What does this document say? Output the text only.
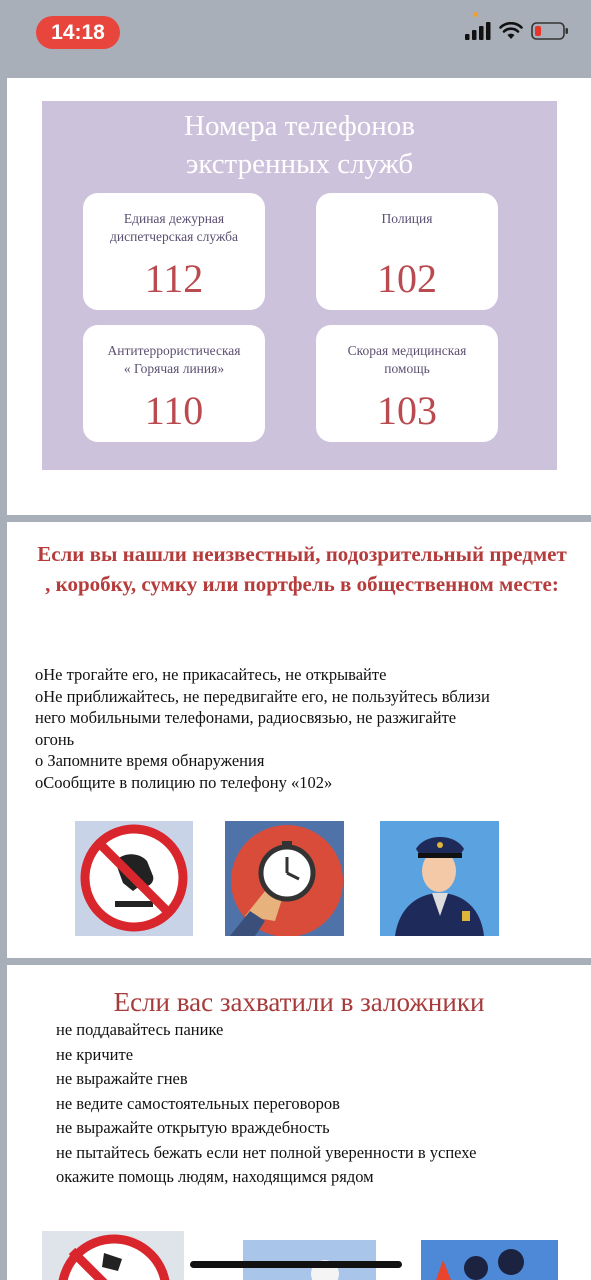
14:18
Номера телефонов
экстренных служб
Единая дежурная
диспетчерская служба
112
Полиция
102
Антитеррористическая
« Горячая линия»
110
Скорая медицинская
помощь
103
Если вы нашли неизвестный, подозрительный предмет , коробку, сумку или портфель в общественном месте:
оНе трогайте его, не прикасайтесь, не открывайте
оНе приближайтесь, не передвигайте его, не пользуйтесь вблизи
него мобильными телефонами, радиосвязью, не разжигайте
огонь
о Запомните время обнаружения
оСообщите в полицию по телефону «102»
Если вас захватили в заложники
не поддавайтесь панике
не кричите
не выражайте гнев
не ведите самостоятельных переговоров
не выражайте открытую враждебность
не пытайтесь бежать если нет полной уверенности в успехе
окажите помощь людям, находящимся рядом
